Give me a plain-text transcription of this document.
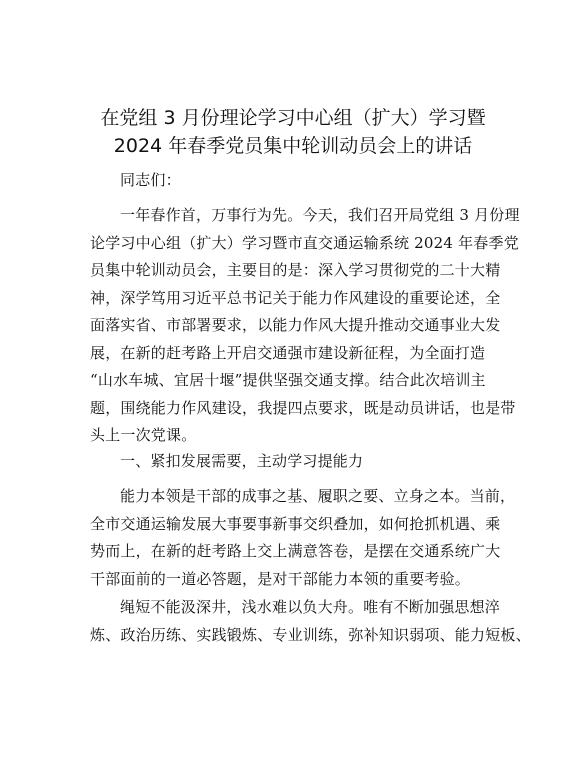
在党组 3 月份理论学习中心组（扩大）学习暨
2024 年春季党员集中轮训动员会上的讲话
同志们：
一年春作首，万事行为先。今天，我们召开局党组 3 月份理
论学习中心组（扩大）学习暨市直交通运输系统 2024 年春季党
员集中轮训动员会，主要目的是：深入学习贯彻党的二十大精
神，深学笃用习近平总书记关于能力作风建设的重要论述，全
面落实省、市部署要求，以能力作风大提升推动交通事业大发
展，在新的赶考路上开启交通强市建设新征程，为全面打造
“山水车城、宜居十堰”提供坚强交通支撑。结合此次培训主
题，围绕能力作风建设，我提四点要求，既是动员讲话，也是带
头上一次党课。
一、紧扣发展需要，主动学习提能力
能力本领是干部的成事之基、履职之要、立身之本。当前，
全市交通运输发展大事要事新事交织叠加，如何抢抓机遇、乘
势而上，在新的赶考路上交上满意答卷，是摆在交通系统广大
干部面前的一道必答题，是对干部能力本领的重要考验。
绳短不能汲深井，浅水难以负大舟。唯有不断加强思想淬
炼、政治历练、实践锻炼、专业训练，弥补知识弱项、能力短板、
